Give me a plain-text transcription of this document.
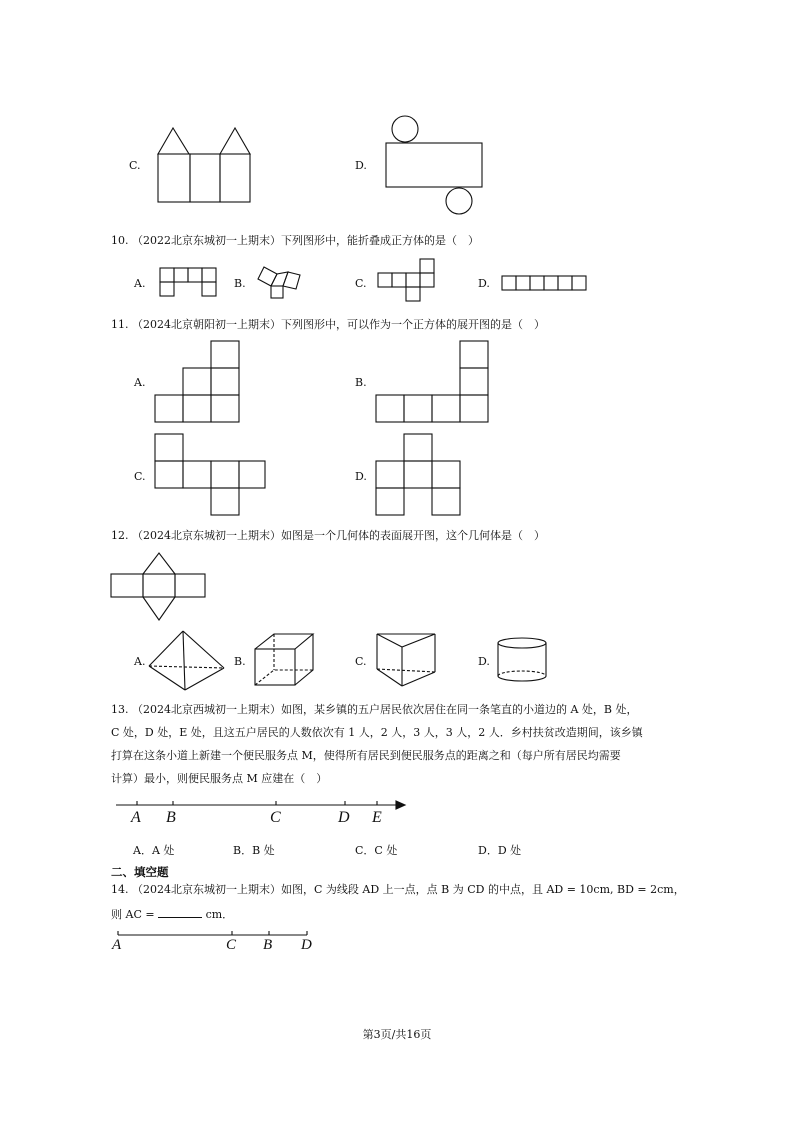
C.	D.
10. （2022北京东城初一上期末）下列图形中，能折叠成正方体的是（　）
A.	B.	C.	D.
11. （2024北京朝阳初一上期末）下列图形中，可以作为一个正方体的展开图的是（　）
A.	B.
C.	D.
12. （2024北京东城初一上期末）如图是一个几何体的表面展开图，这个几何体是（　）
A.	B.	C.	D.
13. （2024北京西城初一上期末）如图，某乡镇的五户居民依次居住在同一条笔直的小道边的 A 处，B 处，
C 处，D 处，E 处，且这五户居民的人数依次有 1 人，2 人，3 人，3 人，2 人．乡村扶贫改造期间，该乡镇
打算在这条小道上新建一个便民服务点 M，使得所有居民到便民服务点的距离之和（每户所有居民均需要
计算）最小，则便民服务点 M 应建在（　）
A B	C	D E
A．A 处	B．B 处	C．C 处	D．D 处
二、填空题
14. （2024北京东城初一上期末）如图，C 为线段 AD 上一点，点 B 为 CD 的中点，且 AD = 10cm, BD = 2cm，
则 AC =	cm．
A	C B D
第3页/共16页
